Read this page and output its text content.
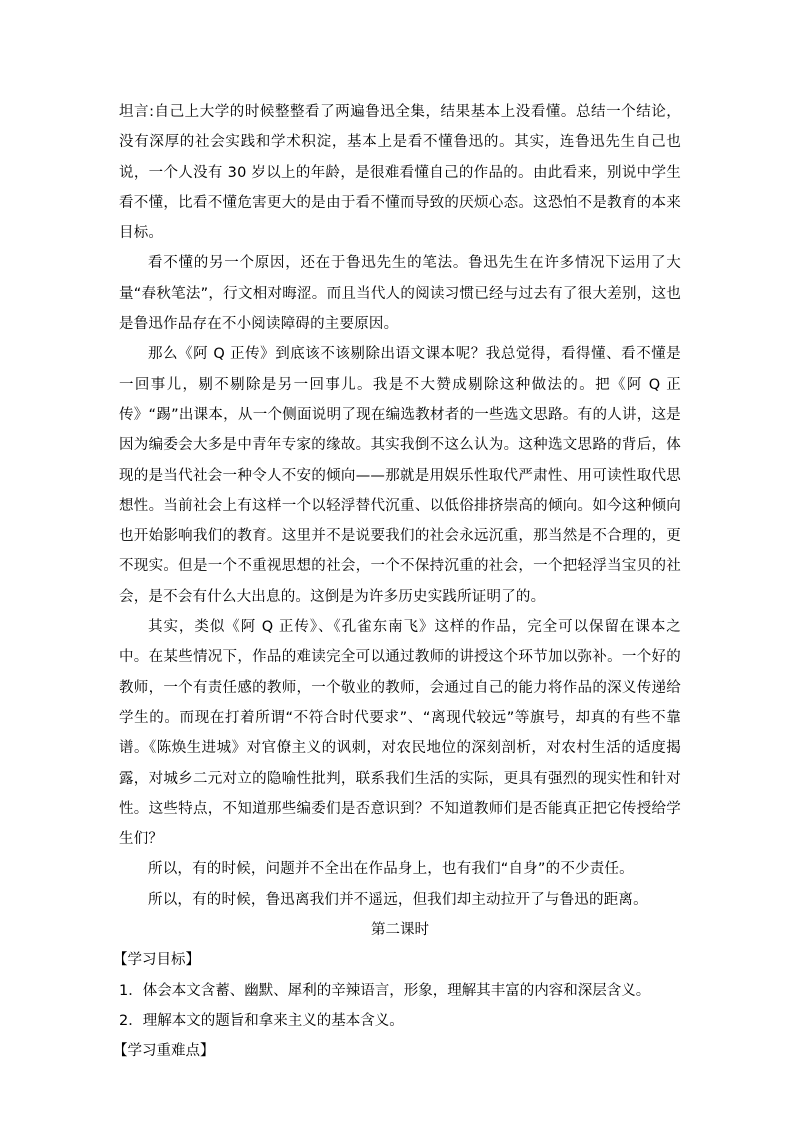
坦言:自己上大学的时候整整看了两遍鲁迅全集，结果基本上没看懂。总结一个结论，没有深厚的社会实践和学术积淀，基本上是看不懂鲁迅的。其实，连鲁迅先生自己也说，一个人没有 30 岁以上的年龄，是很难看懂自己的作品的。由此看来，别说中学生看不懂，比看不懂危害更大的是由于看不懂而导致的厌烦心态。这恐怕不是教育的本来目标。

看不懂的另一个原因，还在于鲁迅先生的笔法。鲁迅先生在许多情况下运用了大量“春秋笔法”，行文相对晦涩。而且当代人的阅读习惯已经与过去有了很大差别，这也是鲁迅作品存在不小阅读障碍的主要原因。

那么《阿 Q 正传》到底该不该剔除出语文课本呢？我总觉得，看得懂、看不懂是一回事儿，剔不剔除是另一回事儿。我是不大赞成剔除这种做法的。把《阿 Q 正传》“踢”出课本，从一个侧面说明了现在编选教材者的一些选文思路。有的人讲，这是因为编委会大多是中青年专家的缘故。其实我倒不这么认为。这种选文思路的背后，体现的是当代社会一种令人不安的倾向——那就是用娱乐性取代严肃性、用可读性取代思想性。当前社会上有这样一个以轻浮替代沉重、以低俗排挤崇高的倾向。如今这种倾向也开始影响我们的教育。这里并不是说要我们的社会永远沉重，那当然是不合理的，更不现实。但是一个不重视思想的社会，一个不保持沉重的社会，一个把轻浮当宝贝的社会，是不会有什么大出息的。这倒是为许多历史实践所证明了的。

其实，类似《阿 Q 正传》、《孔雀东南飞》这样的作品，完全可以保留在课本之中。在某些情况下，作品的难读完全可以通过教师的讲授这个环节加以弥补。一个好的教师，一个有责任感的教师，一个敬业的教师，会通过自己的能力将作品的深义传递给学生的。而现在打着所谓“不符合时代要求”、“离现代较远”等旗号，却真的有些不靠谱。《陈焕生进城》对官僚主义的讽刺，对农民地位的深刻剖析，对农村生活的适度揭露，对城乡二元对立的隐喻性批判，联系我们生活的实际，更具有强烈的现实性和针对性。这些特点，不知道那些编委们是否意识到？不知道教师们是否能真正把它传授给学生们？

所以，有的时候，问题并不全出在作品身上，也有我们“自身”的不少责任。

所以，有的时候，鲁迅离我们并不遥远，但我们却主动拉开了与鲁迅的距离。

第二课时

【学习目标】

1．体会本文含蓄、幽默、犀利的辛辣语言，形象，理解其丰富的内容和深层含义。

2．理解本文的题旨和拿来主义的基本含义。

【学习重难点】
